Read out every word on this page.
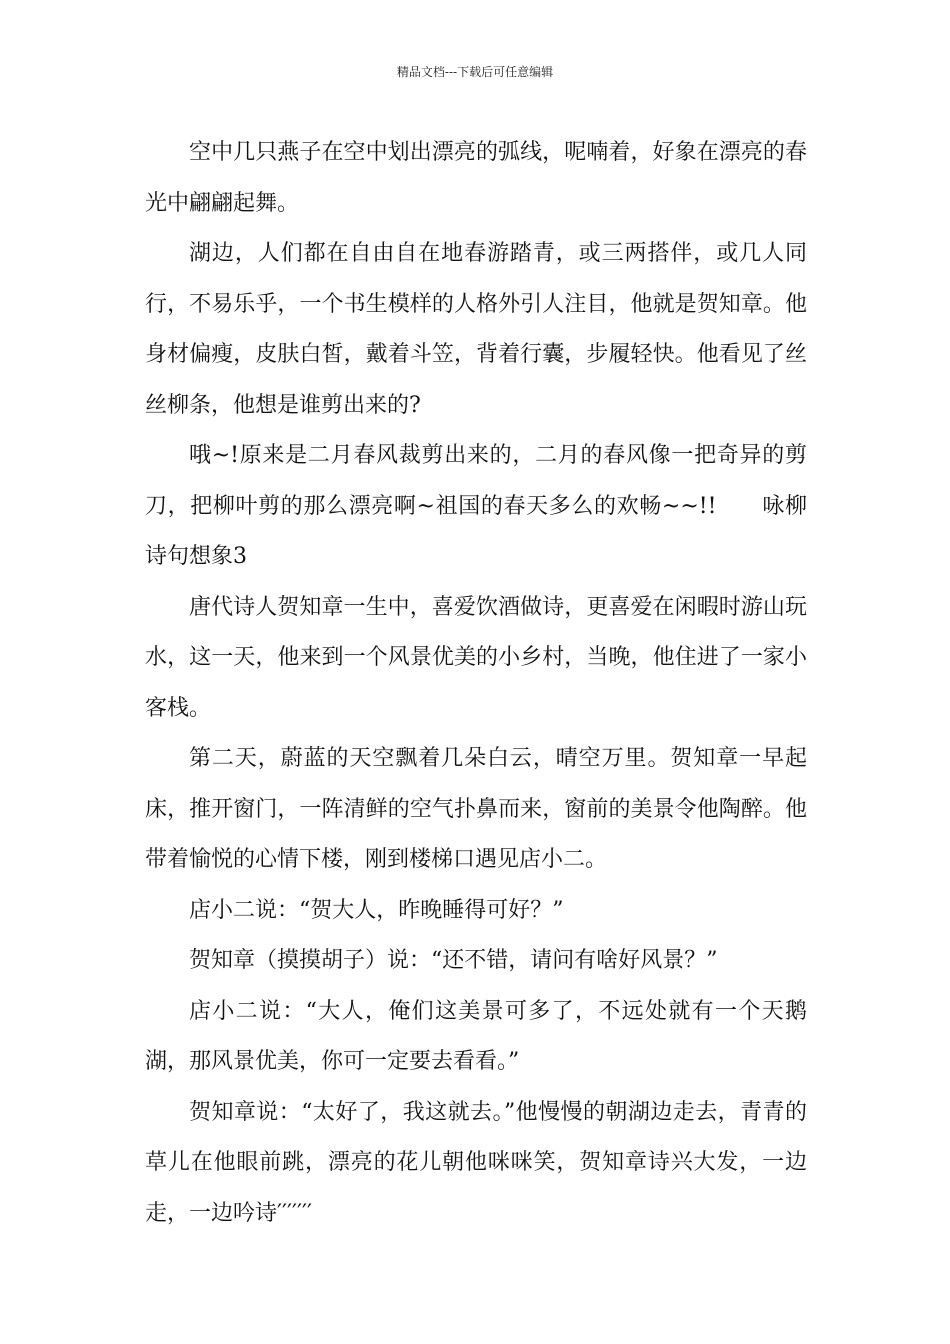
精品文档---下载后可任意编辑

空中几只燕子在空中划出漂亮的弧线，呢喃着，好象在漂亮的春光中翩翩起舞。

湖边，人们都在自由自在地春游踏青，或三两搭伴，或几人同行，不易乐乎，一个书生模样的人格外引人注目，他就是贺知章。他身材偏瘦，皮肤白皙，戴着斗笠，背着行囊，步履轻快。他看见了丝丝柳条，他想是谁剪出来的?

哦~!原来是二月春风裁剪出来的，二月的春风像一把奇异的剪刀，把柳叶剪的那么漂亮啊~祖国的春天多么的欢畅~~!!　　咏柳诗句想象3

唐代诗人贺知章一生中，喜爱饮酒做诗，更喜爱在闲暇时游山玩水，这一天，他来到一个风景优美的小乡村，当晚，他住进了一家小客栈。

第二天，蔚蓝的天空飘着几朵白云，晴空万里。贺知章一早起床，推开窗门，一阵清鲜的空气扑鼻而来，窗前的美景令他陶醉。他带着愉悦的心情下楼，刚到楼梯口遇见店小二。

店小二说：“贺大人，昨晚睡得可好？”

贺知章（摸摸胡子）说：“还不错，请问有啥好风景？”

店小二说：“大人，俺们这美景可多了，不远处就有一个天鹅湖，那风景优美，你可一定要去看看。”

贺知章说：“太好了，我这就去。”他慢慢的朝湖边走去，青青的草儿在他眼前跳，漂亮的花儿朝他咪咪笑，贺知章诗兴大发，一边走，一边吟诗′′′′′′′
